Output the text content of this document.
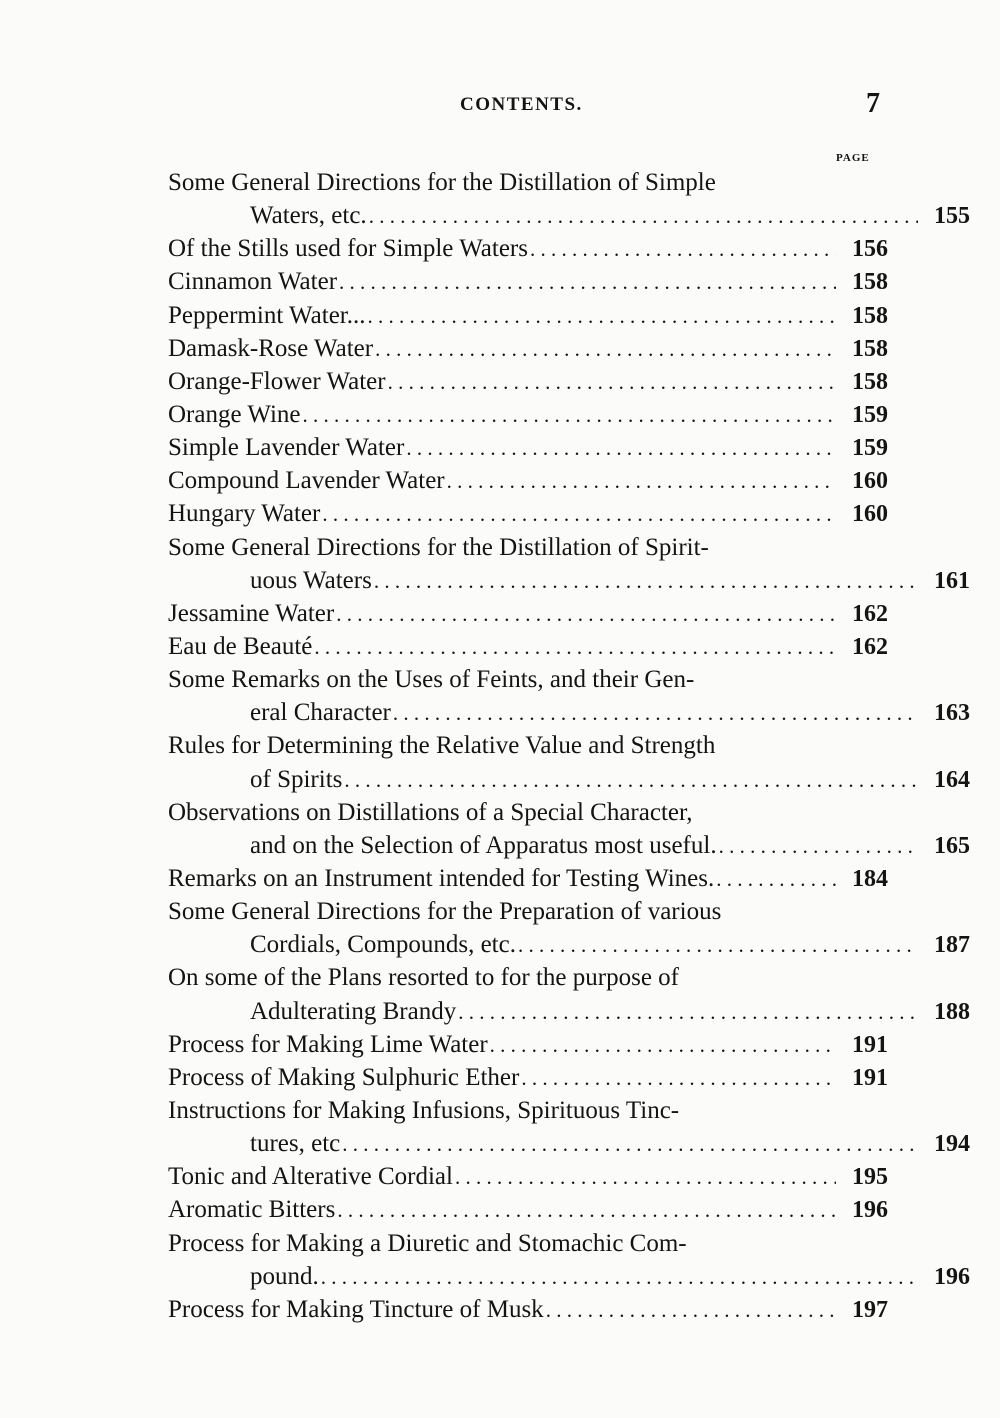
CONTENTS.	7
PAGE
Some General Directions for the Distillation of Simple
Waters, etc. . . .	155
Of the Stills used for Simple Waters . . .	156
Cinnamon Water . . .	158
Peppermint Water... . . .	158
Damask-Rose Water . . .	158
Orange-Flower Water . . .	158
Orange Wine . . .	159
Simple Lavender Water . . .	159
Compound Lavender Water . . .	160
Hungary Water . . .	160
Some General Directions for the Distillation of Spirit-
uous Waters . . .	161
Jessamine Water . . .	162
Eau de Beauté . . .	162
Some Remarks on the Uses of Feints, and their Gen-
eral Character . . .	163
Rules for Determining the Relative Value and Strength
of Spirits . . .	164
Observations on Distillations of a Special Character,
and on the Selection of Apparatus most useful. . . .	165
Remarks on an Instrument intended for Testing Wines. . . .	184
Some General Directions for the Preparation of various
Cordials, Compounds, etc. . . .	187
On some of the Plans resorted to for the purpose of
Adulterating Brandy . . .	188
Process for Making Lime Water . . .	191
Process of Making Sulphuric Ether . . .	191
Instructions for Making Infusions, Spirituous Tinc-
tures, etc . . .	194
Tonic and Alterative Cordial . . .	195
Aromatic Bitters . . .	196
Process for Making a Diuretic and Stomachic Com-
pound. . . .	196
Process for Making Tincture of Musk . . .	197
